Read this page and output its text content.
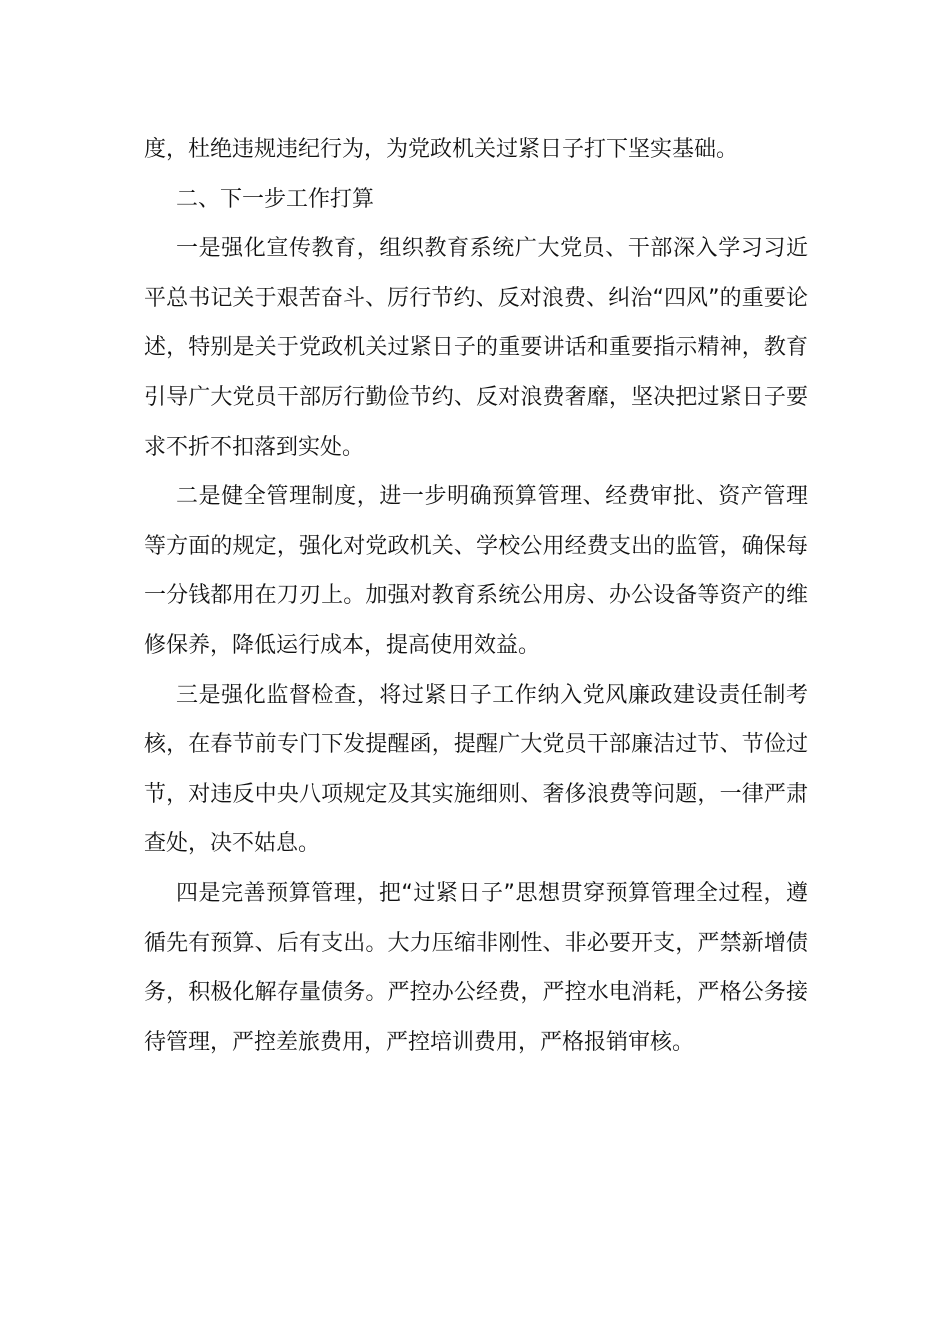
度，杜绝违规违纪行为，为党政机关过紧日子打下坚实基础。

二、下一步工作打算

一是强化宣传教育，组织教育系统广大党员、干部深入学习习近平总书记关于艰苦奋斗、厉行节约、反对浪费、纠治“四风”的重要论述，特别是关于党政机关过紧日子的重要讲话和重要指示精神，教育引导广大党员干部厉行勤俭节约、反对浪费奢靡，坚决把过紧日子要求不折不扣落到实处。

二是健全管理制度，进一步明确预算管理、经费审批、资产管理等方面的规定，强化对党政机关、学校公用经费支出的监管，确保每一分钱都用在刀刃上。加强对教育系统公用房、办公设备等资产的维修保养，降低运行成本，提高使用效益。

三是强化监督检查，将过紧日子工作纳入党风廉政建设责任制考核，在春节前专门下发提醒函，提醒广大党员干部廉洁过节、节俭过节，对违反中央八项规定及其实施细则、奢侈浪费等问题，一律严肃查处，决不姑息。

四是完善预算管理，把“过紧日子”思想贯穿预算管理全过程，遵循先有预算、后有支出。大力压缩非刚性、非必要开支，严禁新增债务，积极化解存量债务。严控办公经费，严控水电消耗，严格公务接待管理，严控差旅费用，严控培训费用，严格报销审核。
